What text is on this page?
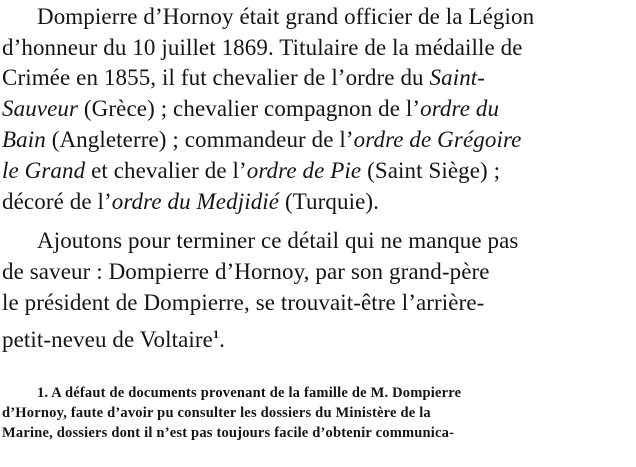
Dompierre d’Hornoy était grand officier de la Légion
d’honneur du 10 juillet 1869. Titulaire de la médaille de
Crimée en 1855, il fut chevalier de l’ordre du Saint-
Sauveur (Grèce) ; chevalier compagnon de l’ordre du
Bain (Angleterre) ; commandeur de l’ordre de Grégoire
le Grand et chevalier de l’ordre de Pie (Saint Siège) ;
décoré de l’ordre du Medjidié (Turquie).
Ajoutons pour terminer ce détail qui ne manque pas
de saveur : Dompierre d’Hornoy, par son grand-père
le président de Dompierre, se trouvait-être l’arrière-
petit-neveu de Voltaire$^1$.
1. A défaut de documents provenant de la famille de M. Dompierre
d’Hornoy, faute d’avoir pu consulter les dossiers du Ministère de la
Marine, dossiers dont il n’est pas toujours facile d’obtenir communica-
